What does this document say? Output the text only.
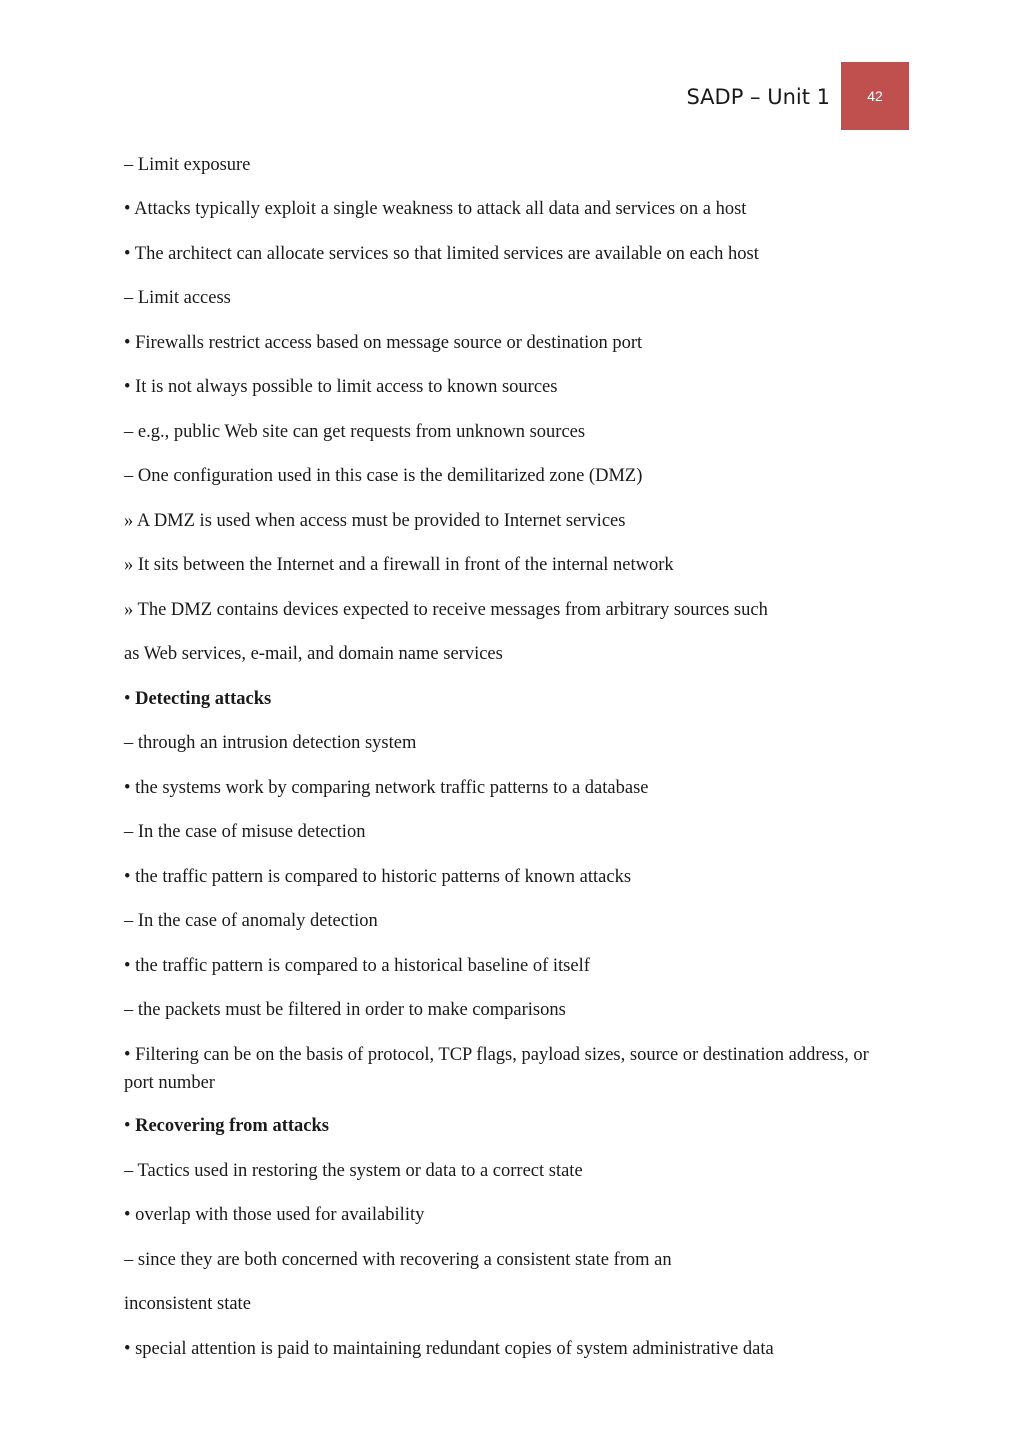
SADP – Unit 1	42
– Limit exposure
• Attacks typically exploit a single weakness to attack all data and services on a host
• The architect can allocate services so that limited services are available on each host
– Limit access
• Firewalls restrict access based on message source or destination port
• It is not always possible to limit access to known sources
– e.g., public Web site can get requests from unknown sources
– One configuration used in this case is the demilitarized zone (DMZ)
» A DMZ is used when access must be provided to Internet services
» It sits between the Internet and a firewall in front of the internal network
» The DMZ contains devices expected to receive messages from arbitrary sources such
as Web services, e-mail, and domain name services
• Detecting attacks
– through an intrusion detection system
• the systems work by comparing network traffic patterns to a database
– In the case of misuse detection
• the traffic pattern is compared to historic patterns of known attacks
– In the case of anomaly detection
• the traffic pattern is compared to a historical baseline of itself
– the packets must be filtered in order to make comparisons
• Filtering can be on the basis of protocol, TCP flags, payload sizes, source or destination address, or port number
• Recovering from attacks
– Tactics used in restoring the system or data to a correct state
• overlap with those used for availability
– since they are both concerned with recovering a consistent state from an
inconsistent state
• special attention is paid to maintaining redundant copies of system administrative data
